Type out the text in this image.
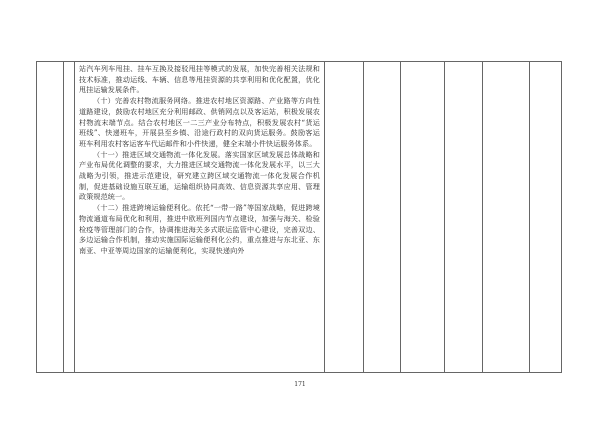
站汽车列车甩挂、挂车互换及接驳甩挂等模式的发展，加快完善相关法规和技术标准，推动运线、车辆、信息等甩挂资源的共享利用和优化配置，优化甩挂运输发展条件。

（十）完善农村物流服务网络。推进农村地区资源路、产业路等方向性道路建设，鼓励农村地区充分利用邮政、供销网点以及客运站，积极发展农村物流末端节点。结合农村地区一二三产业分布特点，积极发展农村“货运班线”、快递班车，开展县至乡镇、沿途行政村的双向货运服务。鼓励客运班车利用农村客运客车代运邮件和小件快递，健全末端小件快运服务体系。

（十一）推进区域交通物流一体化发展。落实国家区域发展总体战略和产业布局优化调整的要求，大力推进区域交通物流一体化发展水平，以三大战略为引领，推进示范建设，研究建立跨区域交通物流一体化发展合作机制，促进基础设施互联互通，运输组织协同高效、信息资源共享应用、管理政策规范统一。

（十二）推进跨境运输便利化。依托“一带一路”等国家战略，促进跨境物流通道布局优化和利用，推进中欧班列国内节点建设，加强与海关、检验检疫等管理部门的合作，协调推进海关多式联运监管中心建设，完善双边、多边运输合作机制，推动实施国际运输便利化公约，重点推进与东北亚、东南亚、中亚等周边国家的运输便利化，实现快递向外

171
